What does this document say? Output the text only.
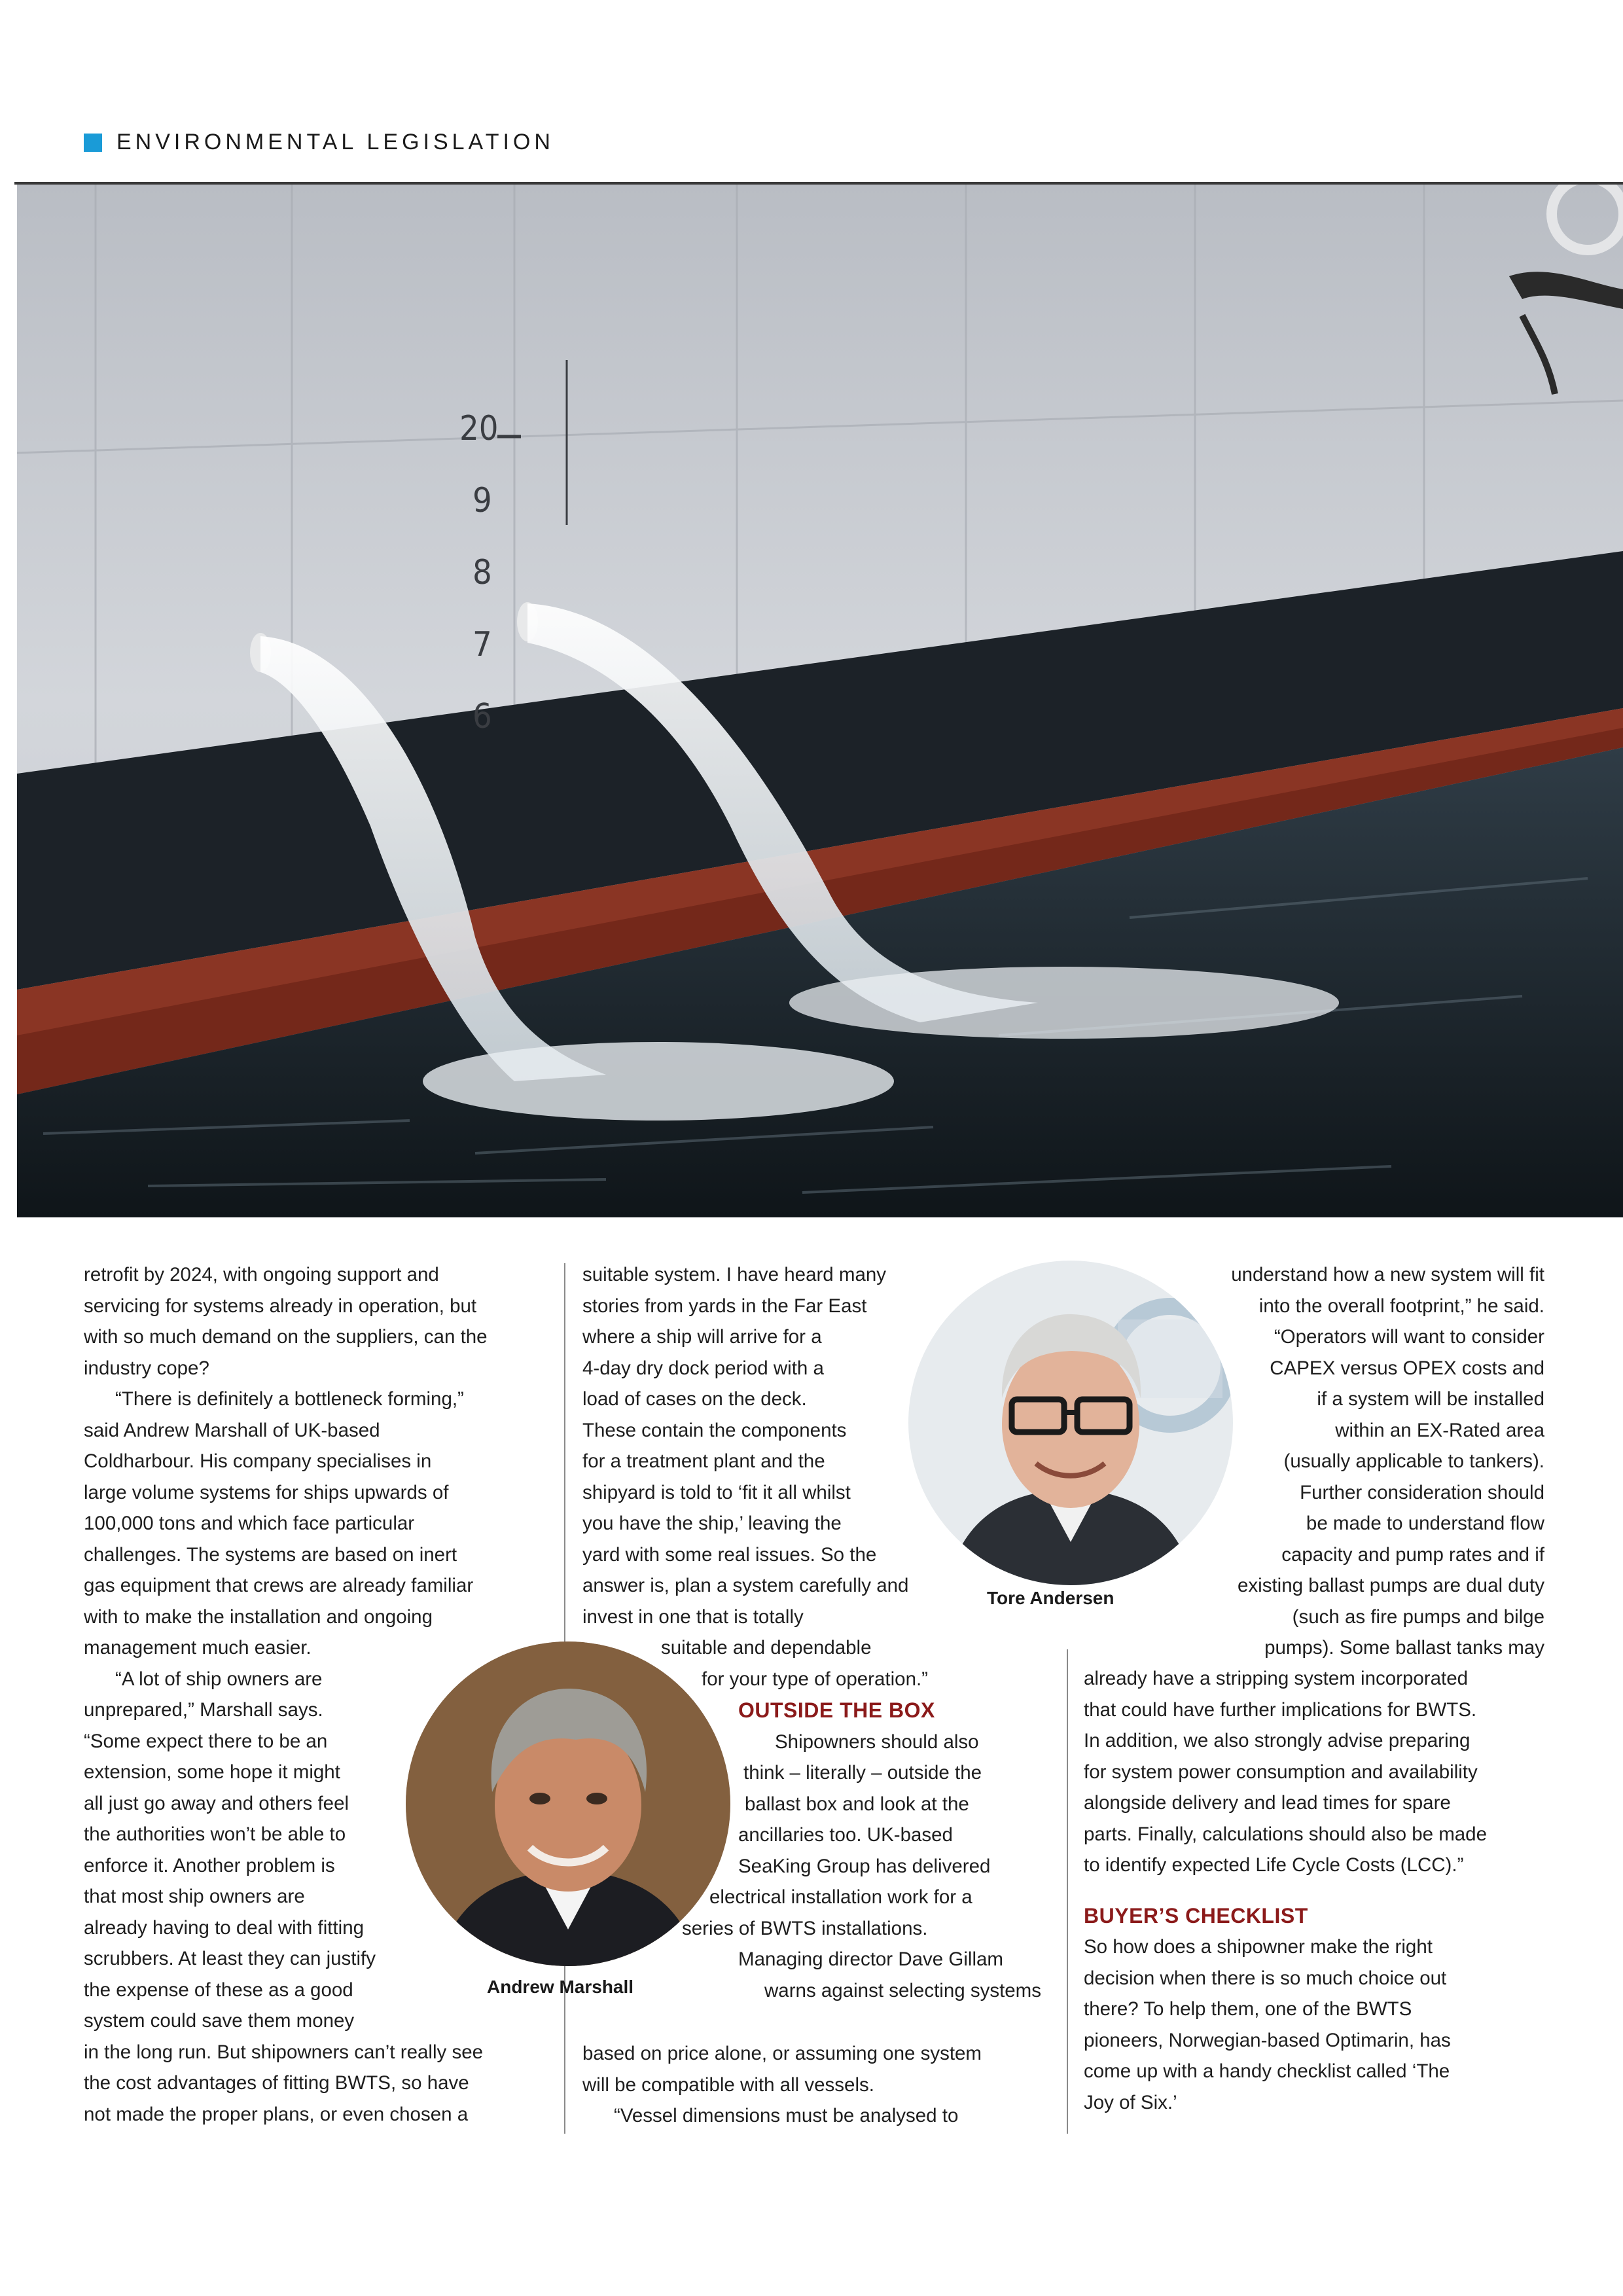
ENVIRONMENTAL LEGISLATION
20
9
8
7
6

retrofit by 2024, with ongoing support and

servicing for systems already in operation, but

with so much demand on the suppliers, can the

industry cope?

“There is definitely a bottleneck forming,”

said Andrew Marshall of UK-based

Coldharbour. His company specialises in

large volume systems for ships upwards of

100,000 tons and which face particular

challenges. The systems are based on inert

gas equipment that crews are already familiar

with to make the installation and ongoing

management much easier.

“A lot of ship owners are

unprepared,” Marshall says.

“Some expect there to be an

extension, some hope it might

all just go away and others feel

the authorities won’t be able to

enforce it. Another problem is

that most ship owners are

already having to deal with fitting

scrubbers. At least they can justify

the expense of these as a good

system could save them money

in the long run. But shipowners can’t really see

the cost advantages of fitting BWTS, so have

not made the proper plans, or even chosen a

suitable system. I have heard many

stories from yards in the Far East

where a ship will arrive for a

4-day dry dock period with a

load of cases on the deck.

These contain the components

for a treatment plant and the

shipyard is told to ‘fit it all whilst

you have the ship,’ leaving the

yard with some real issues. So the

answer is, plan a system carefully and

invest in one that is totally

suitable and dependable

for your type of operation.”

OUTSIDE THE BOX

Shipowners should also

think – literally – outside the

ballast box and look at the

ancillaries too. UK-based

SeaKing Group has delivered

electrical installation work for a

series of BWTS installations.

Managing director Dave Gillam

warns against selecting systems

based on price alone, or assuming one system

will be compatible with all vessels.

“Vessel dimensions must be analysed to

understand how a new system will fit

into the overall footprint,” he said.

“Operators will want to consider

CAPEX versus OPEX costs and

if a system will be installed

within an EX-Rated area

(usually applicable to tankers).

Further consideration should

be made to understand flow

capacity and pump rates and if

existing ballast pumps are dual duty

(such as fire pumps and bilge

pumps). Some ballast tanks may

already have a stripping system incorporated

that could have further implications for BWTS.

In addition, we also strongly advise preparing

for system power consumption and availability

alongside delivery and lead times for spare

parts. Finally, calculations should also be made

to identify expected Life Cycle Costs (LCC).”

BUYER’S CHECKLIST

So how does a shipowner make the right

decision when there is so much choice out

there? To help them, one of the BWTS

pioneers, Norwegian-based Optimarin, has

come up with a handy checklist called ‘The

Joy of Six.’

Tore Andersen
Andrew Marshall
